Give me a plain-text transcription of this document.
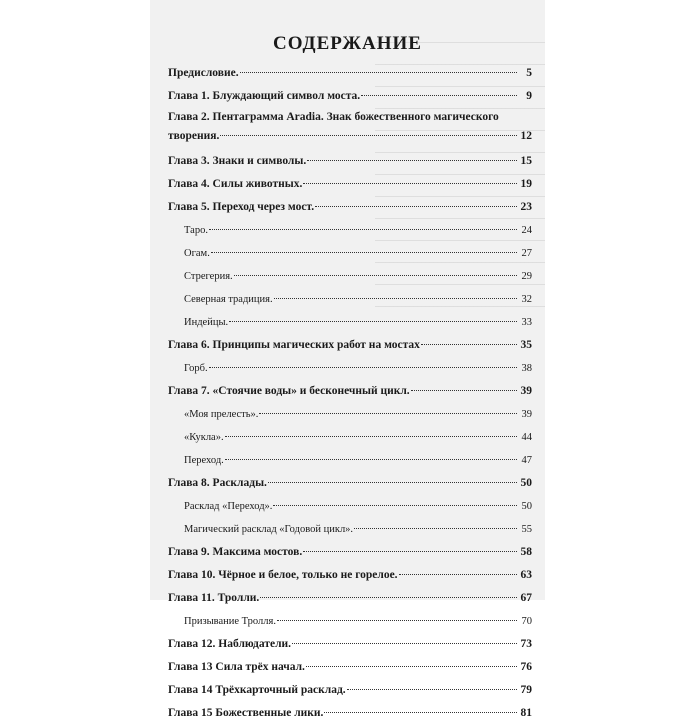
СОДЕРЖАНИЕ
Предисловие.	5
Глава 1. Блуждающий символ моста.	9
Глава 2. Пентаграмма Aradia. Знак божественного магического
творения.	12
Глава 3. Знаки и символы.	15
Глава 4. Силы животных.	19
Глава 5. Переход через мост.	23
Таро.	24
Огам.	27
Стрегерия.	29
Северная традиция.	32
Индейцы.	33
Глава 6. Принципы магических работ на мостах	35
Горб.	38
Глава 7. «Стоячие воды» и бесконечный цикл.	39
«Моя прелесть».	39
«Кукла».	44
Переход.	47
Глава 8. Расклады.	50
Расклад «Переход».	50
Магический расклад «Годовой цикл».	55
Глава 9. Максима мостов.	58
Глава 10. Чёрное и белое, только не горелое.	63
Глава 11. Тролли.	67
Призывание Тролля.	70
Глава 12. Наблюдатели.	73
Глава 13 Сила трёх начал.	76
Глава 14 Трёхкарточный расклад.	79
Глава 15 Божественные лики.	81
